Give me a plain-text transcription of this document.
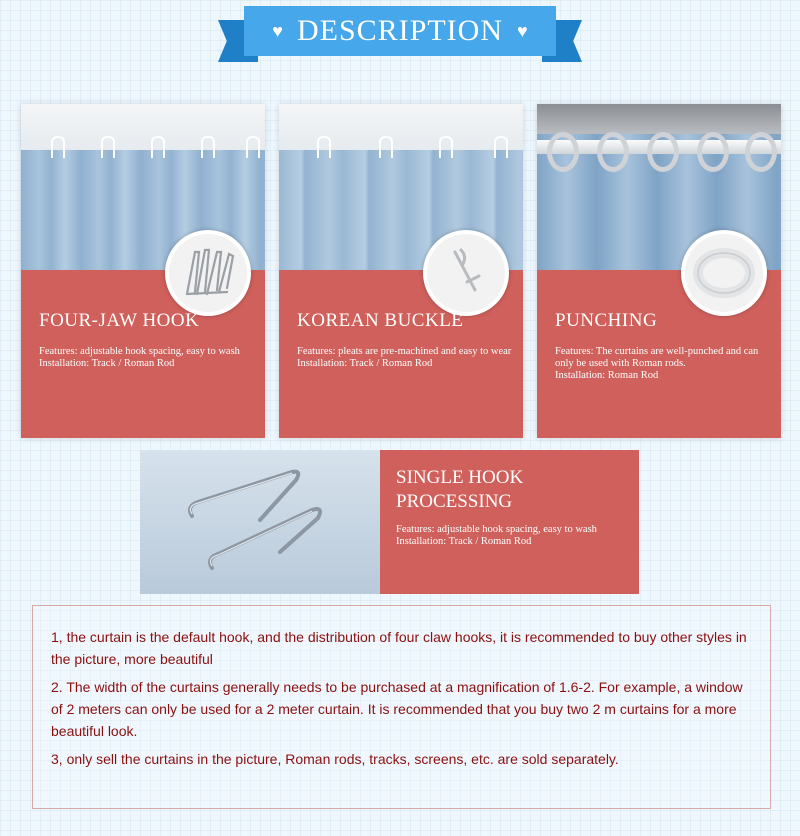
♥ DESCRIPTION ♥
FOUR-JAW HOOK
Features: adjustable hook spacing, easy to wash
Installation: Track / Roman Rod
KOREAN BUCKLE
Features: pleats are pre-machined and easy to wear
Installation: Track / Roman Rod
PUNCHING
Features: The curtains are well-punched and can only be used with Roman rods.
Installation: Roman Rod
SINGLE HOOK PROCESSING
Features: adjustable hook spacing, easy to wash
Installation: Track / Roman Rod
1, the curtain is the default hook, and the distribution of four claw hooks, it is recommended to buy other styles in the picture, more beautiful
2. The width of the curtains generally needs to be purchased at a magnification of 1.6-2. For example, a window of 2 meters can only be used for a 2 meter curtain. It is recommended that you buy two 2 m curtains for a more beautiful look.
3, only sell the curtains in the picture, Roman rods, tracks, screens, etc. are sold separately.
